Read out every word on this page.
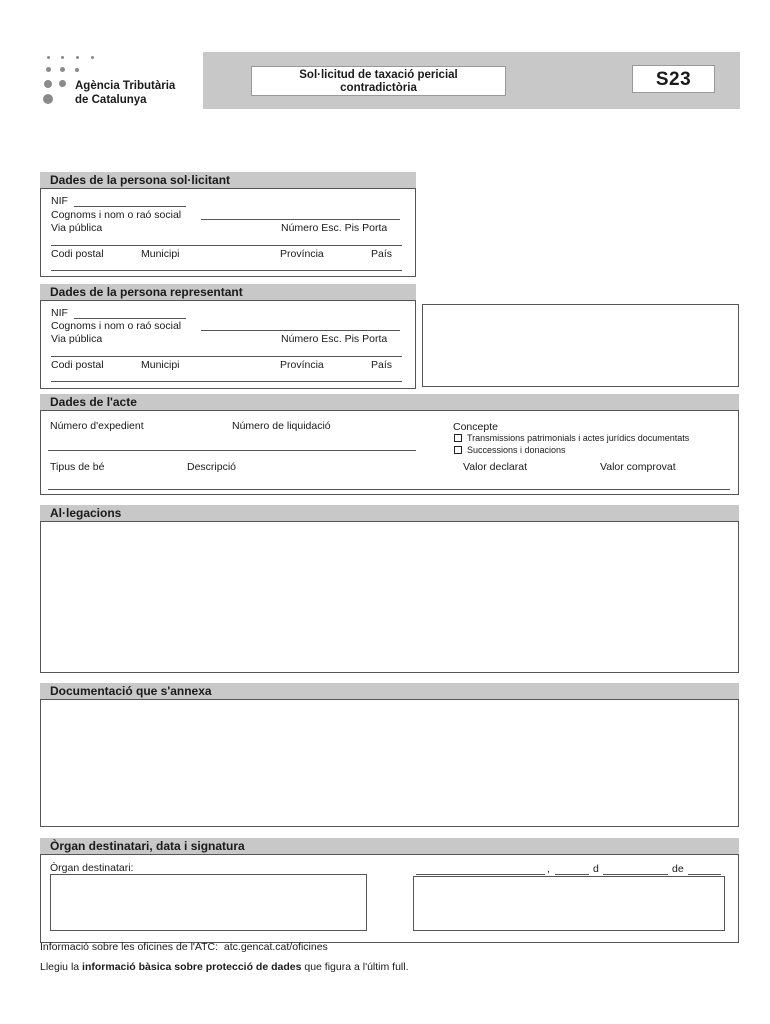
Agència Tributària
de Catalunya
Sol·licitud de taxació pericial
contradictòria	S23
Dades de la persona sol·licitant
NIF
Cognoms i nom o raó social
Via pública	Número Esc. Pis Porta
Codi postal	Municipi	Província	País
Dades de la persona representant
NIF
Cognoms i nom o raó social
Via pública	Número Esc. Pis Porta
Codi postal	Municipi	Província	País
Dades de l'acte
Número d'expedient	Número de liquidació	Concepte
Transmissions patrimonials i actes jurídics documentats
Successions i donacions
Tipus de bé	Descripció	Valor declarat	Valor comprovat
Al·legacions
Documentació que s'annexa
Òrgan destinatari, data i signatura
Òrgan destinatari:	,	d	de
Informació sobre les oficines de l'ATC: atc.gencat.cat/oficines
Llegiu la informació bàsica sobre protecció de dades que figura a l'últim full.
